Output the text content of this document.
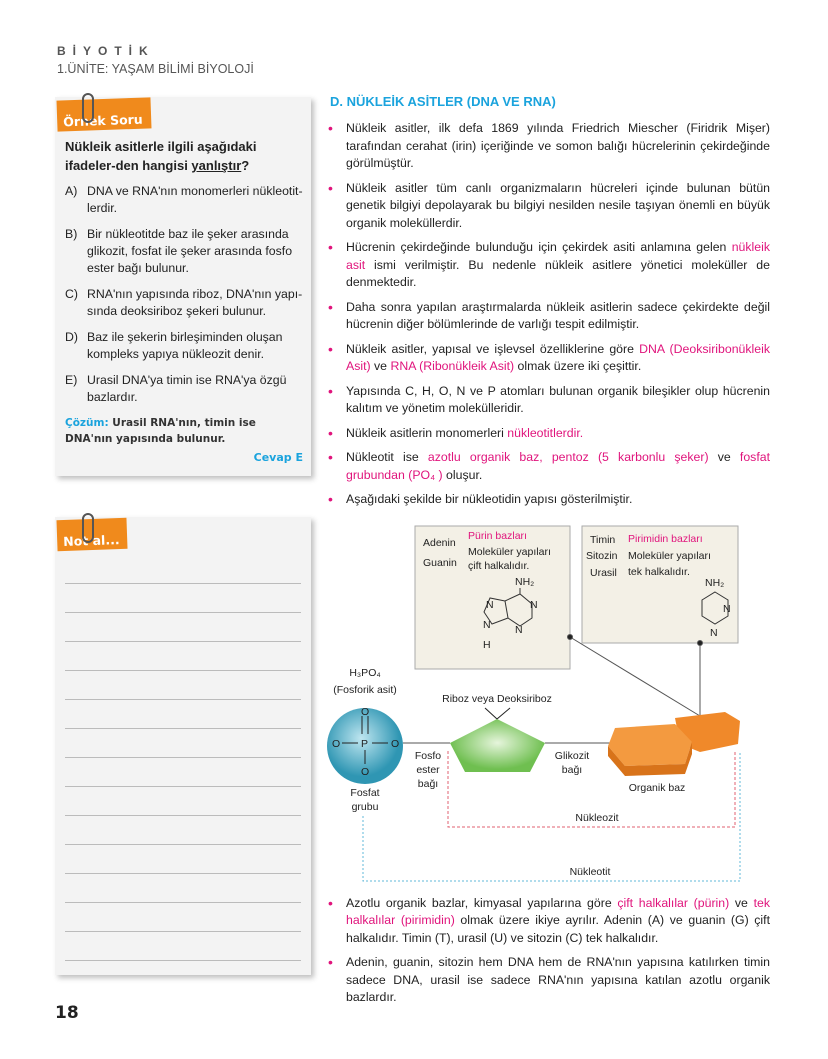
BİYOTİK
1.ÜNİTE: YAŞAM BİLİMİ BİYOLOJİ
Örnek Soru
Nükleik asitlerle ilgili aşağıdaki ifadeler-den hangisi yanlıştır?
A) DNA ve RNA'nın monomerleri nükleotit-lerdir.
B) Bir nükleotitde baz ile şeker arasında glikozit, fosfat ile şeker arasında fosfo ester bağı bulunur.
C) RNA'nın yapısında riboz, DNA'nın yapı-sında deoksiriboz şekeri bulunur.
D) Baz ile şekerin birleşiminden oluşan kompleks yapıya nükleozit denir.
E) Urasil DNA'ya timin ise RNA'ya özgü bazlardır.
Çözüm: Urasil RNA'nın, timin ise DNA'nın yapısında bulunur.
Cevap E
Not al...
D. NÜKLEİK ASİTLER (DNA VE RNA)
• Nükleik asitler, ilk defa 1869 yılında Friedrich Miescher (Firidrik Mişer) tarafından cerahat (irin) içeriğinde ve somon balığı hücrelerinin çekirdeğinde görülmüştür.
• Nükleik asitler tüm canlı organizmaların hücreleri içinde bulunan bütün genetik bilgiyi depolayarak bu bilgiyi nesilden nesile taşıyan önemli en büyük organik moleküllerdir.
• Hücrenin çekirdeğinde bulunduğu için çekirdek asiti anlamına gelen nükleik asit ismi verilmiştir. Bu nedenle nükleik asitlere yönetici moleküller de denmektedir.
• Daha sonra yapılan araştırmalarda nükleik asitlerin sadece çekirdekte değil hücrenin diğer bölümlerinde de varlığı tespit edilmiştir.
• Nükleik asitler, yapısal ve işlevsel özelliklerine göre DNA (Deoksiribonükleik Asit) ve RNA (Ribonükleik Asit) olmak üzere iki çeşittir.
• Yapısında C, H, O, N ve P atomları bulunan organik bileşikler olup hücrenin kalıtım ve yönetim molekülleridir.
• Nükleik asitlerin monomerleri nükleotitlerdir.
• Nükleotit ise azotlu organik baz, pentoz (5 karbonlu şeker) ve fosfat grubundan (PO₄ ) oluşur.
• Aşağıdaki şekilde bir nükleotidin yapısı gösterilmiştir.
Adenin
Guanin
Pürin bazları
Moleküler yapıları
çift halkalıdır.
NH₂
N	N
N N
H
Timin
Sitozin
Urasil
Pirimidin bazları
Moleküler yapıları
tek halkalıdır.
NH₂
N
N
H₃PO₄
(Fosforik asit)
O
P
O	O
O
Fosfat
grubu
Riboz veya Deoksiriboz
Fosfo
ester
bağı
Glikozit
bağı
Organik baz
Nükleozit
Nükleotit
• Azotlu organik bazlar, kimyasal yapılarına göre çift halkalılar (pürin) ve tek halkalılar (pirimidin) olmak üzere ikiye ayrılır. Adenin (A) ve guanin (G) çift halkalıdır. Timin (T), urasil (U) ve sitozin (C) tek halkalıdır.
• Adenin, guanin, sitozin hem DNA hem de RNA'nın yapısına katılırken timin sadece DNA, urasil ise sadece RNA'nın yapısına katılan azotlu organik bazlardır.
18
